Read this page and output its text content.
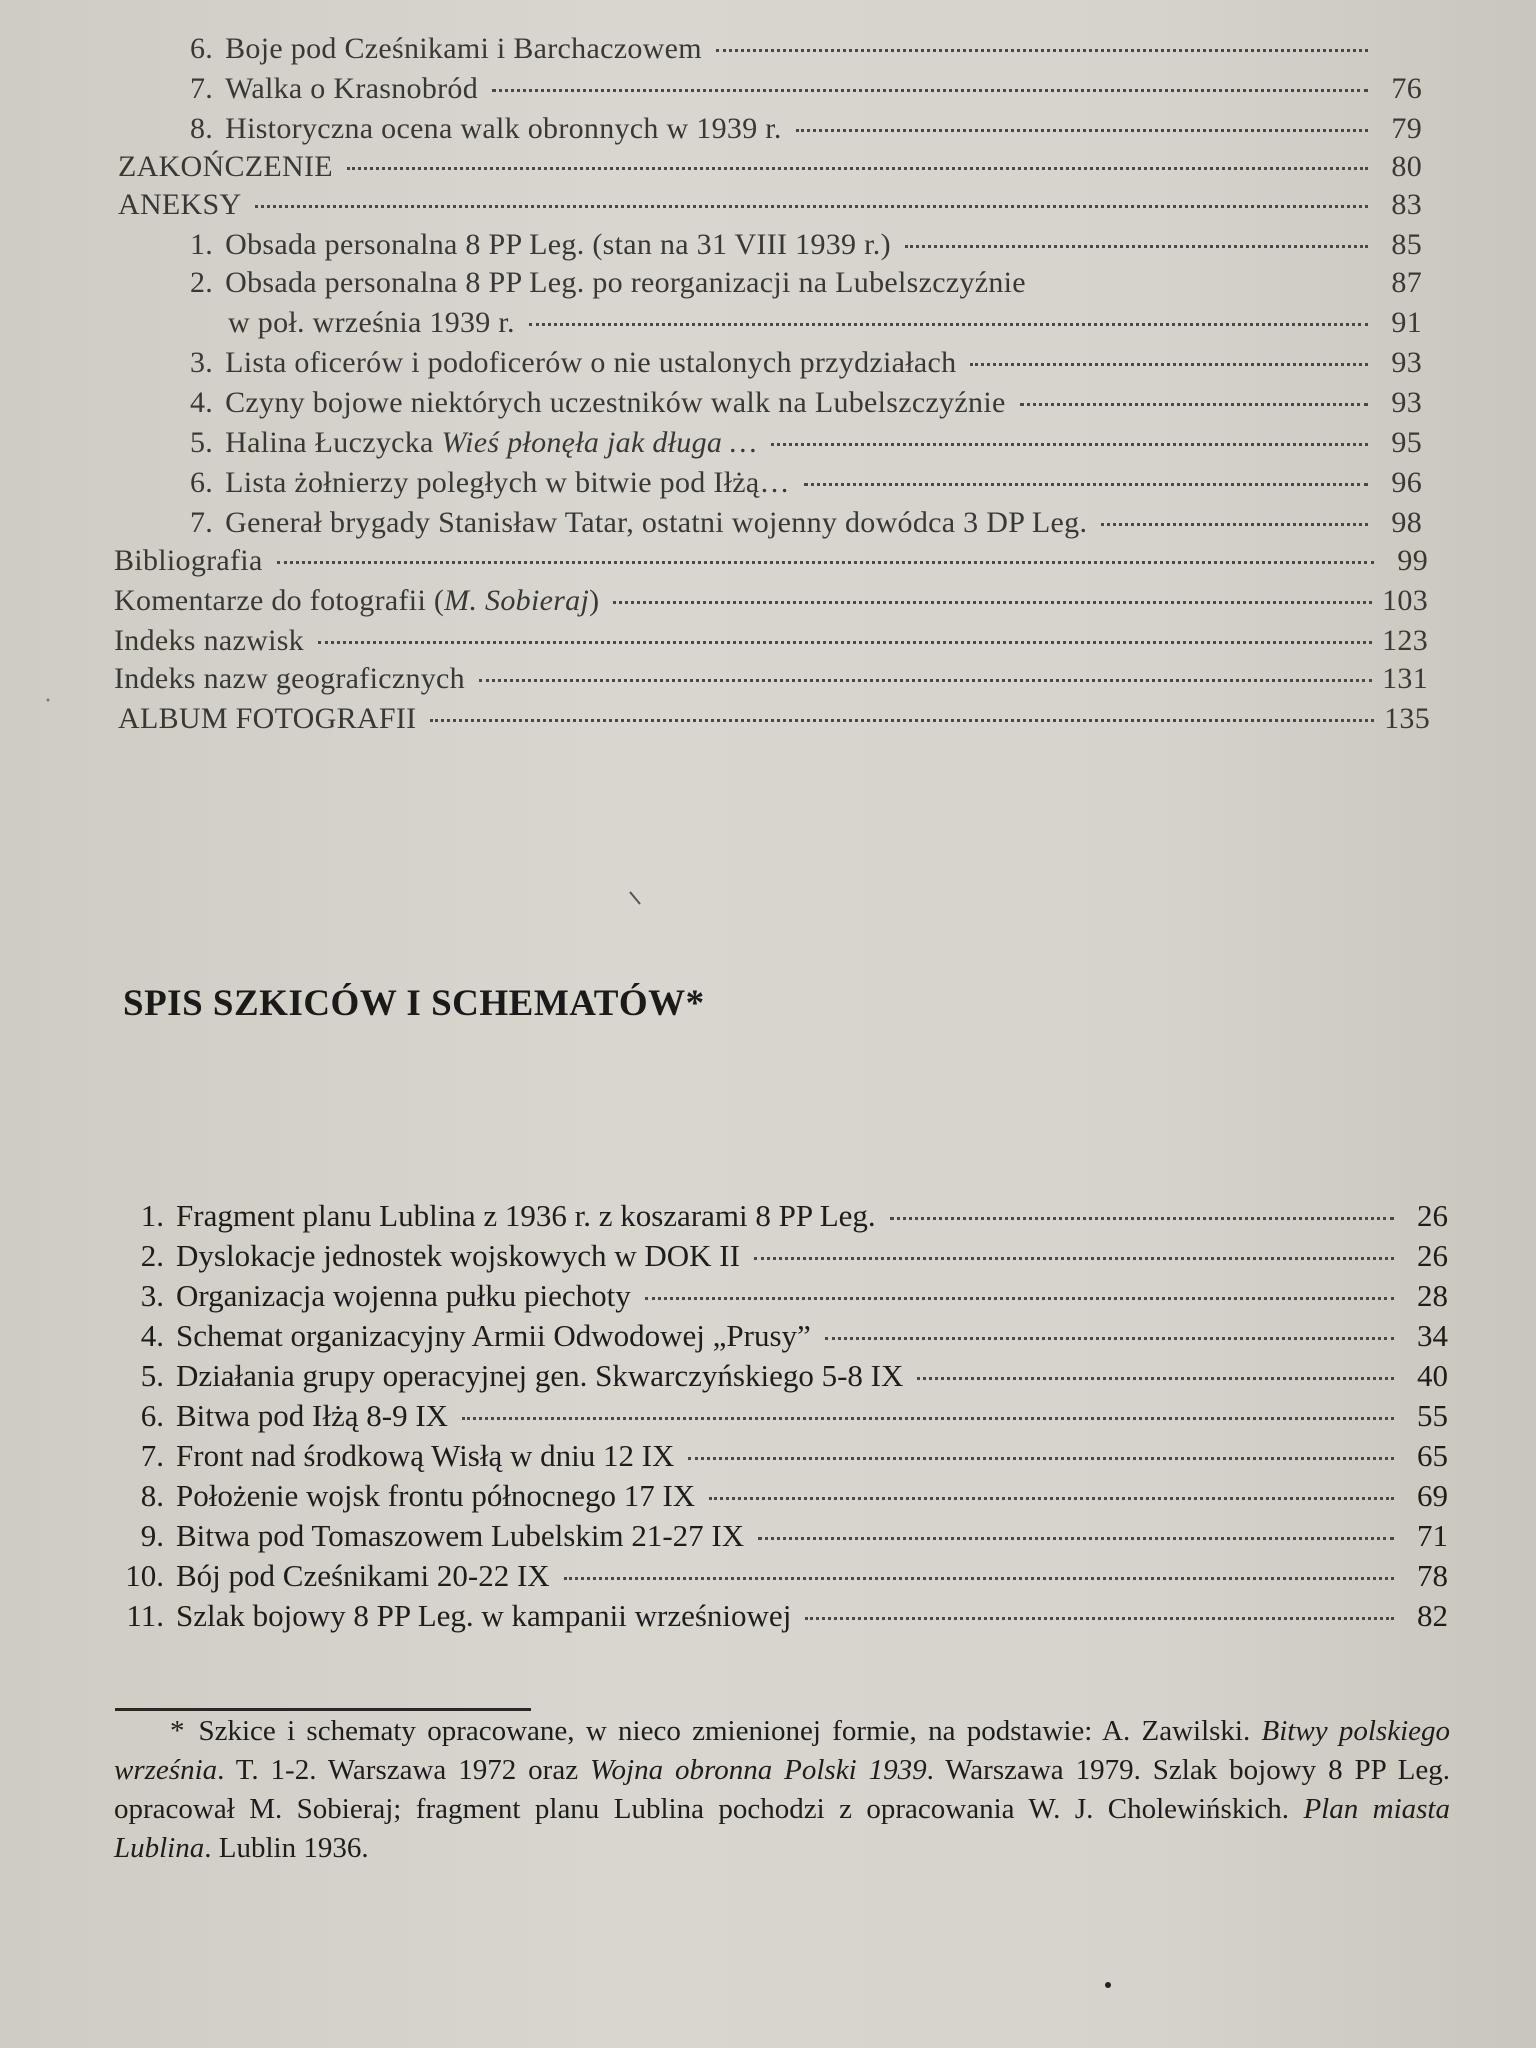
6. Boje pod Cześnikami i Barchaczowem
7. Walka o Krasnobród	76
8. Historyczna ocena walk obronnych w 1939 r.	79
ZAKOŃCZENIE	80
ANEKSY	83
1. Obsada personalna 8 PP Leg. (stan na 31 VIII 1939 r.)	85
2. Obsada personalna 8 PP Leg. po reorganizacji na Lubelszczyźnie	87
w poł. września 1939 r.	91
3. Lista oficerów i podoficerów o nie ustalonych przydziałach	93
4. Czyny bojowe niektórych uczestników walk na Lubelszczyźnie	93
5. Halina Łuczycka Wieś płonęła jak długa …	95
6. Lista żołnierzy poległych w bitwie pod Iłżą…	96
7. Generał brygady Stanisław Tatar, ostatni wojenny dowódca 3 DP Leg.	98
Bibliografia	99
Komentarze do fotografii (M. Sobieraj)	103
Indeks nazwisk	123
Indeks nazw geograficznych	131
ALBUM FOTOGRAFII	135
SPIS SZKICÓW I SCHEMATÓW*
1. Fragment planu Lublina z 1936 r. z koszarami 8 PP Leg.	26
2. Dyslokacje jednostek wojskowych w DOK II	26
3. Organizacja wojenna pułku piechoty	28
4. Schemat organizacyjny Armii Odwodowej „Prusy”	34
5. Działania grupy operacyjnej gen. Skwarczyńskiego 5-8 IX	40
6. Bitwa pod Iłżą 8-9 IX	55
7. Front nad środkową Wisłą w dniu 12 IX	65
8. Położenie wojsk frontu północnego 17 IX	69
9. Bitwa pod Tomaszowem Lubelskim 21-27 IX	71
10. Bój pod Cześnikami 20-22 IX	78
11. Szlak bojowy 8 PP Leg. w kampanii wrześniowej	82

* Szkice i schematy opracowane, w nieco zmienionej formie, na podstawie: A. Zawilski. Bitwy polskiego września. T. 1-2. Warszawa 1972 oraz Wojna obronna Polski 1939. Warszawa 1979. Szlak bojowy 8 PP Leg. opracował M. Sobieraj; fragment planu Lublina pochodzi z opracowania W. J. Cholewińskich. Plan miasta Lublina. Lublin 1936.
